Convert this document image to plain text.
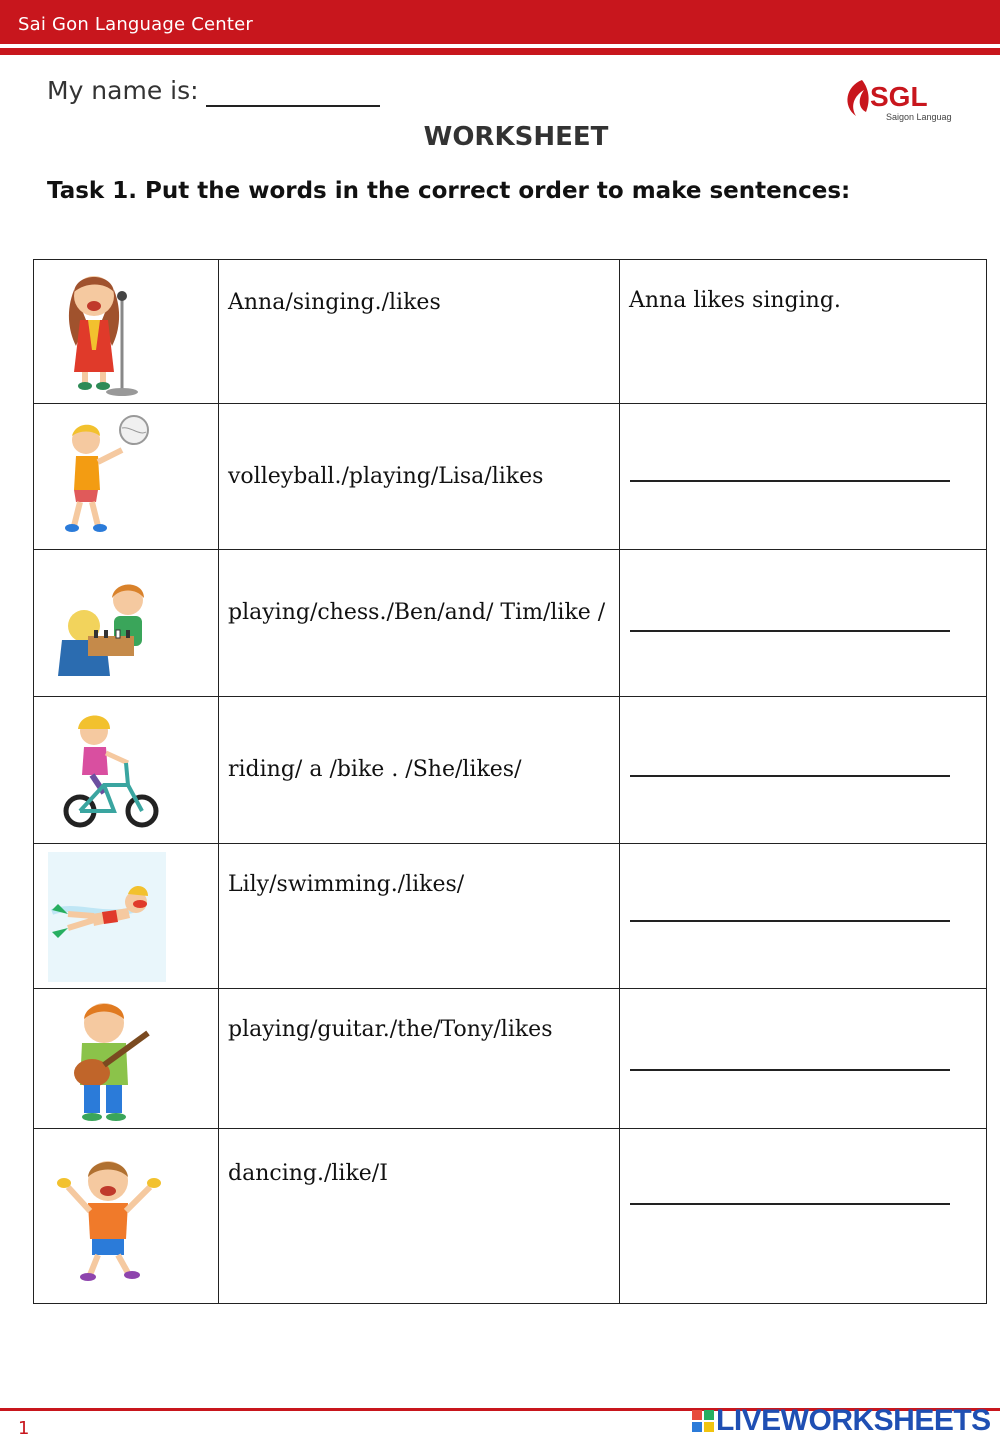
Sai Gon Language Center
My name is:	SGL
Saigon Language
WORKSHEET
Task 1. Put the words in the correct order to make sentences:

Anna/singing./likes	Anna likes singing.

volleyball./playing/Lisa/likes	

playing/chess./Ben/and/ Tim/like /	

riding/ a /bike . /She/likes/	

Lily/swimming./likes/	

playing/guitar./the/Tony/likes	

dancing./like/I	

1	LIVEWORKSHEETS
